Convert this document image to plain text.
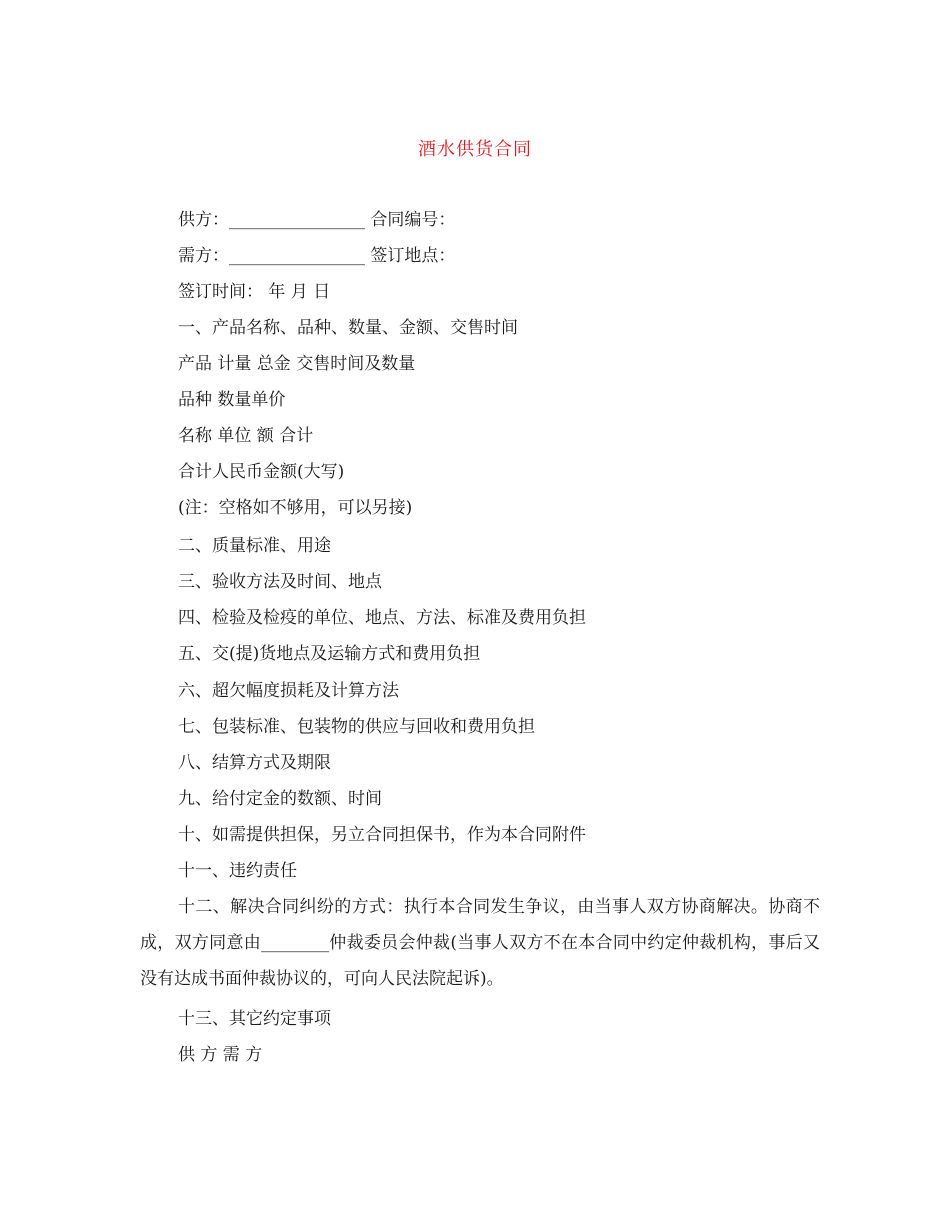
酒水供货合同
供方：________________ 合同编号：
需方：________________ 签订地点：
签订时间： 年 月 日
一、产品名称、品种、数量、金额、交售时间
产品 计量 总金 交售时间及数量
品种 数量单价
名称 单位 额 合计
合计人民币金额(大写)
(注：空格如不够用，可以另接)
二、质量标准、用途
三、验收方法及时间、地点
四、检验及检疫的单位、地点、方法、标准及费用负担
五、交(提)货地点及运输方式和费用负担
六、超欠幅度损耗及计算方法
七、包装标准、包装物的供应与回收和费用负担
八、结算方式及期限
九、给付定金的数额、时间
十、如需提供担保，另立合同担保书，作为本合同附件
十一、违约责任
十二、解决合同纠纷的方式：执行本合同发生争议，由当事人双方协商解决。协商不成，双方同意由________仲裁委员会仲裁(当事人双方不在本合同中约定仲裁机构，事后又没有达成书面仲裁协议的，可向人民法院起诉)。
十三、其它约定事项
供 方 需 方
